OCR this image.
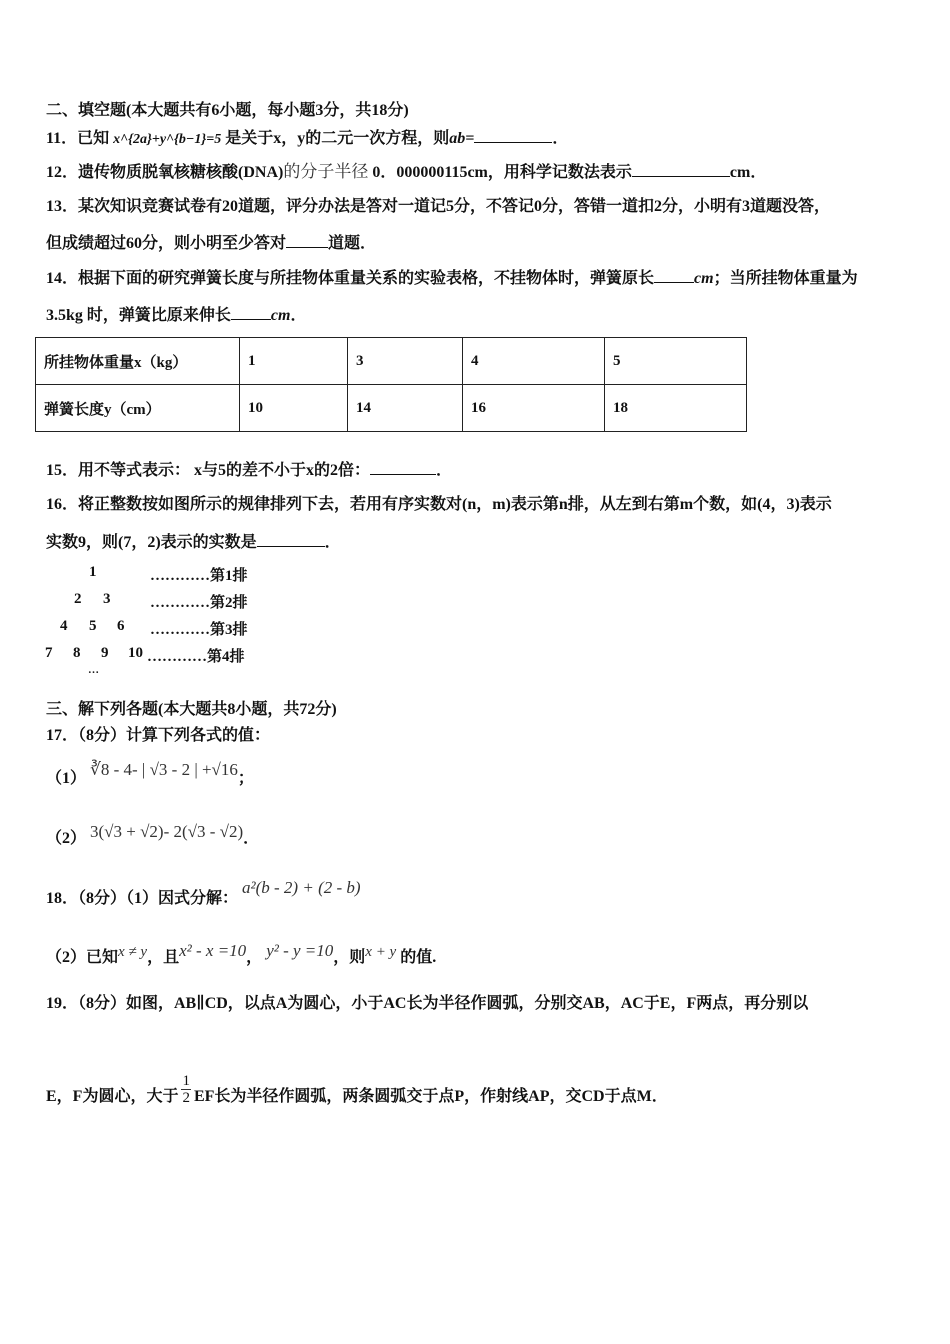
二、填空题(本大题共有6小题，每小题3分，共18分)
11．已知 x^{2a}+y^{b−1}=5 是关于x，y的二元一次方程，则ab=	．
12．遗传物质脱氧核糖核酸(DNA)的分子半径 0．000000115cm，用科学记数法表示	cm．
13．某次知识竞赛试卷有20道题，评分办法是答对一道记5分，不答记0分，答错一道扣2分，小明有3道题没答，
但成绩超过60分，则小明至少答对	道题．
14．根据下面的研究弹簧长度与所挂物体重量关系的实验表格，不挂物体时，弹簧原长	cm；当所挂物体重量为
3.5kg 时，弹簧比原来伸长	cm．
所挂物体重量x（kg）	1	3	4	5
弹簧长度y（cm）	10	14	16	18
15．用不等式表示： x与5的差不小于x的2倍：	．
16．将正整数按如图所示的规律排列下去，若用有序实数对(n，m)表示第n排，从左到右第m个数，如(4，3)表示
实数9，则(7，2)表示的实数是	．
1
2 3
4 5 6
7 8 9 10
…………第1排
…………第2排
…………第3排
…………第4排
…
三、解下列各题(本大题共8小题，共72分)
17．（8分）计算下列各式的值：
（1） ∛8 - 4- | √3 - 2 | +√16；
（2） 3(√3 + √2)- 2(√3 - √2)．
18．（8分）（1）因式分解： a²(b - 2) + (2 - b)
（2）已知x ≠ y，且x² - x =10， y² - y =10，则x + y 的值.
19．（8分）如图，AB∥CD，以点A为圆心，小于AC长为半径作圆弧，分别交AB，AC于E，F两点，再分别以
E，F为圆心，大于 $\frac{1}{2}$ EF长为半径作圆弧，两条圆弧交于点P，作射线AP，交CD于点M．
